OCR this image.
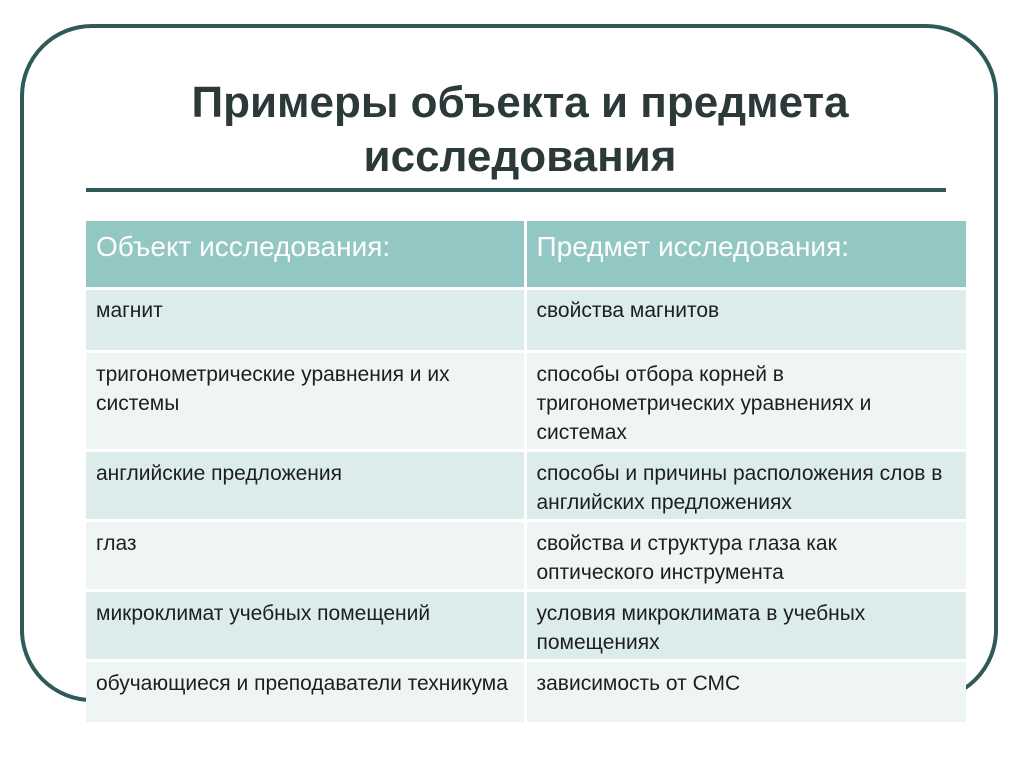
Примеры объекта и предмета исследования
Объект исследования:	Предмет исследования:
магнит	свойства магнитов
тригонометрические уравнения и их системы	способы отбора корней в тригонометрических уравнениях и системах
английские предложения	способы и причины расположения слов в английских предложениях
глаз	свойства и структура глаза как оптического инструмента
микроклимат учебных помещений	условия микроклимата в учебных помещениях
обучающиеся и преподаватели техникума	зависимость от СМС
